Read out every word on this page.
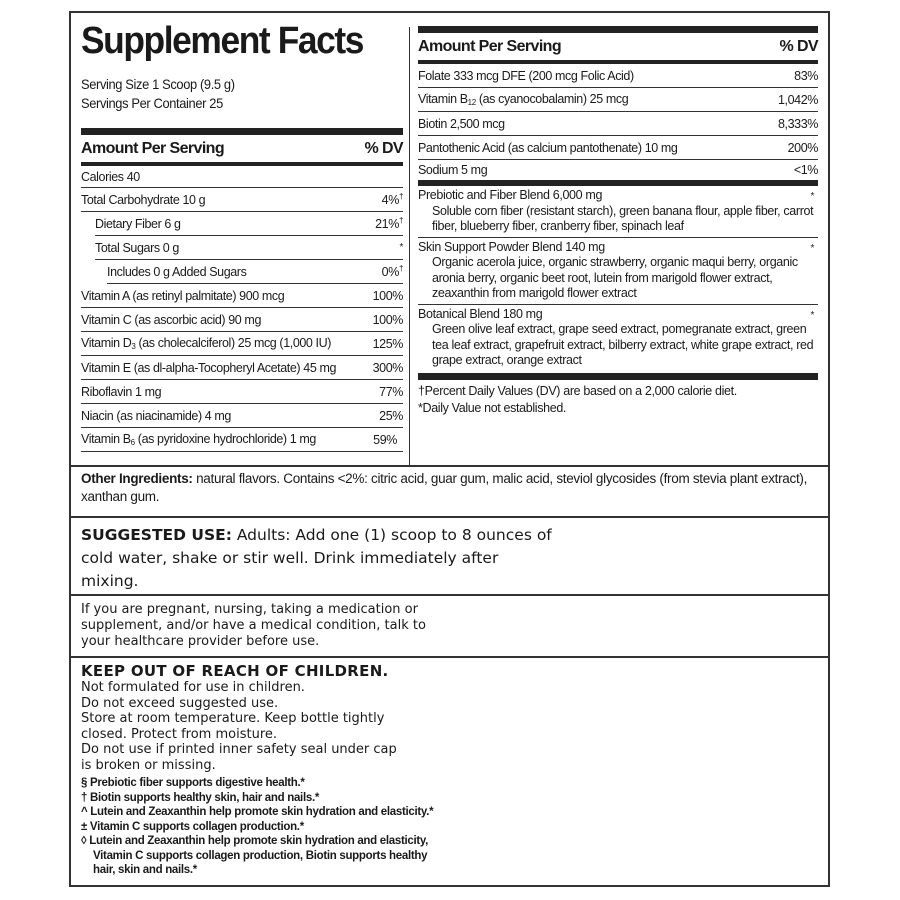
Supplement Facts
Serving Size 1 Scoop (9.5 g)
Servings Per Container 25
Amount Per Serving	% DV
Calories 40
Total Carbohydrate 10 g	4%†
Dietary Fiber 6 g	21%†
Total Sugars 0 g	*
Includes 0 g Added Sugars	0%†
Vitamin A (as retinyl palmitate) 900 mcg	100%
Vitamin C (as ascorbic acid) 90 mg	100%
Vitamin $D_3$ (as cholecalciferol) 25 mcg (1,000 IU)	125%
Vitamin E (as dl-alpha-Tocopheryl Acetate) 45 mg	300%
Riboflavin 1 mg	77%
Niacin (as niacinamide) 4 mg	25%
Vitamin $B_6$ (as pyridoxine hydrochloride) 1 mg	59%
Amount Per Serving	% DV
Folate 333 mcg DFE (200 mcg Folic Acid)	83%
Vitamin $B_{12}$ (as cyanocobalamin) 25 mcg	1,042%
Biotin 2,500 mcg	8,333%
Pantothenic Acid (as calcium pantothenate) 10 mg	200%
Sodium 5 mg	<1%
Prebiotic and Fiber Blend 6,000 mg	*
Soluble corn fiber (resistant starch), green banana flour, apple fiber, carrot fiber, blueberry fiber, cranberry fiber, spinach leaf
Skin Support Powder Blend 140 mg	*
Organic acerola juice, organic strawberry, organic maqui berry, organic aronia berry, organic beet root, lutein from marigold flower extract, zeaxanthin from marigold flower extract
Botanical Blend 180 mg	*
Green olive leaf extract, grape seed extract, pomegranate extract, green tea leaf extract, grapefruit extract, bilberry extract, white grape extract, red grape extract, orange extract
†Percent Daily Values (DV) are based on a 2,000 calorie diet.
*Daily Value not established.
Other Ingredients: natural flavors. Contains <2%: citric acid, guar gum, malic acid, steviol glycosides (from stevia plant extract), xanthan gum.
SUGGESTED USE: Adults: Add one (1) scoop to 8 ounces of
cold water, shake or stir well. Drink immediately after
mixing.
If you are pregnant, nursing, taking a medication or
supplement, and/or have a medical condition, talk to
your healthcare provider before use.
KEEP OUT OF REACH OF CHILDREN.
Not formulated for use in children.
Do not exceed suggested use.
Store at room temperature. Keep bottle tightly
closed. Protect from moisture.
Do not use if printed inner safety seal under cap
is broken or missing.
§ Prebiotic fiber supports digestive health.*
† Biotin supports healthy skin, hair and nails.*
^ Lutein and Zeaxanthin help promote skin hydration and elasticity.*
± Vitamin C supports collagen production.*
◊ Lutein and Zeaxanthin help promote skin hydration and elasticity,
Vitamin C supports collagen production, Biotin supports healthy
hair, skin and nails.*
